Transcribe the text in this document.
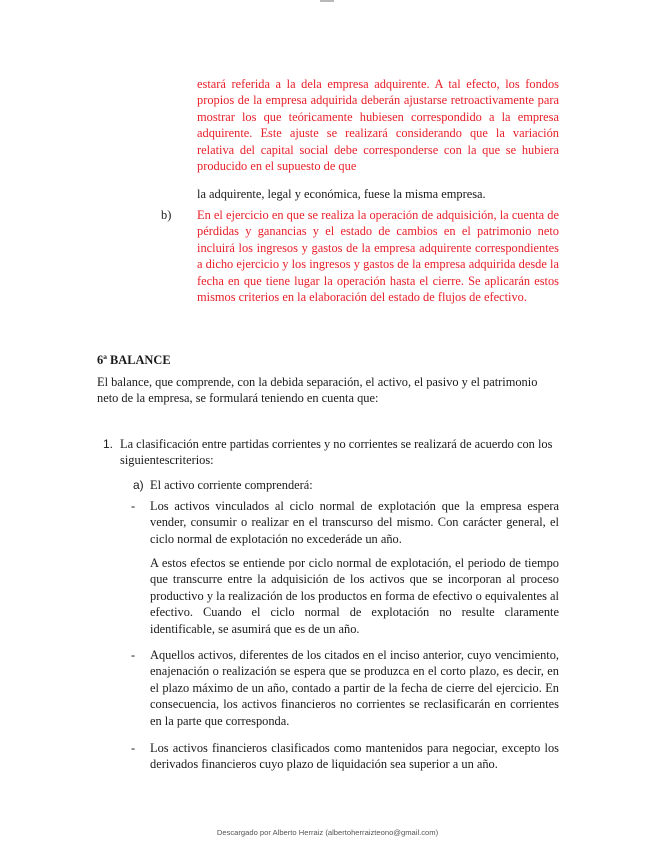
estará referida a la dela empresa adquirente. A tal efecto, los fondos propios de la empresa adquirida deberán ajustarse retroactivamente para mostrar los que teóricamente hubiesen correspondido a la empresa adquirente. Este ajuste se realizará considerando que la variación relativa del capital social debe corresponderse con la que se hubiera producido en el supuesto de que

la adquirente, legal y económica, fuese la misma empresa.

b) En el ejercicio en que se realiza la operación de adquisición, la cuenta de pérdidas y ganancias y el estado de cambios en el patrimonio neto incluirá los ingresos y gastos de la empresa adquirente correspondientes a dicho ejercicio y los ingresos y gastos de la empresa adquirida desde la fecha en que tiene lugar la operación hasta el cierre. Se aplicarán estos mismos criterios en la elaboración del estado de flujos de efectivo.

6ª BALANCE

El balance, que comprende, con la debida separación, el activo, el pasivo y el patrimonio neto de la empresa, se formulará teniendo en cuenta que:

1. La clasificación entre partidas corrientes y no corrientes se realizará de acuerdo con los siguientescriterios:

a) El activo corriente comprenderá:

- Los activos vinculados al ciclo normal de explotación que la empresa espera vender, consumir o realizar en el transcurso del mismo. Con carácter general, el ciclo normal de explotación no excederáde un año.

A estos efectos se entiende por ciclo normal de explotación, el periodo de tiempo que transcurre entre la adquisición de los activos que se incorporan al proceso productivo y la realización de los productos en forma de efectivo o equivalentes al efectivo. Cuando el ciclo normal de explotación no resulte claramente identificable, se asumirá que es de un año.

- Aquellos activos, diferentes de los citados en el inciso anterior, cuyo vencimiento, enajenación o realización se espera que se produzca en el corto plazo, es decir, en el plazo máximo de un año, contado a partir de la fecha de cierre del ejercicio. En consecuencia, los activos financieros no corrientes se reclasificarán en corrientes en la parte que corresponda.

- Los activos financieros clasificados como mantenidos para negociar, excepto los derivados financieros cuyo plazo de liquidación sea superior a un año.

Descargado por Alberto Herraiz (albertoherraizteono@gmail.com)
